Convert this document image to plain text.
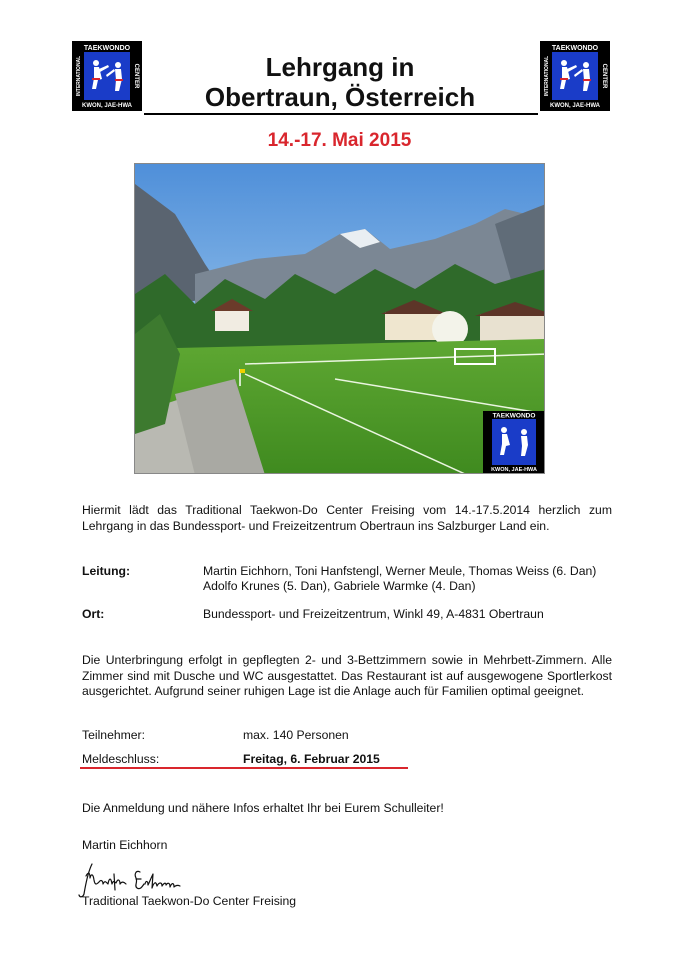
TAEKWONDO
KWON, JAE-HWA
INTERNATIONAL	CENTER
TAEKWONDO
KWON, JAE-HWA
INTERNATIONAL	CENTER
Lehrgang in
Obertraun, Österreich
14.-17. Mai 2015
TAEKWONDO
KWON, JAE-HWA
Hiermit lädt das Traditional Taekwon-Do Center Freising vom 14.-17.5.2014 herzlich zum Lehrgang in das Bundessport- und Freizeitzentrum Obertraun ins Salzburger Land ein.
Leitung:	Martin Eichhorn, Toni Hanfstengl, Werner Meule, Thomas Weiss (6. Dan)
Adolfo Krunes (5. Dan), Gabriele Warmke (4. Dan)
Ort:	Bundessport- und Freizeitzentrum, Winkl 49, A-4831 Obertraun
Die Unterbringung erfolgt in gepflegten 2- und 3-Bettzimmern sowie in Mehrbett-Zimmern. Alle Zimmer sind mit Dusche und WC ausgestattet. Das Restaurant ist auf ausgewogene Sportlerkost ausgerichtet. Aufgrund seiner ruhigen Lage ist die Anlage auch für Familien optimal geeignet.
Teilnehmer:	max. 140 Personen
Meldeschluss:	Freitag, 6. Februar 2015
Die Anmeldung und nähere Infos erhaltet Ihr bei Eurem Schulleiter!
Martin Eichhorn
Traditional Taekwon-Do Center Freising
